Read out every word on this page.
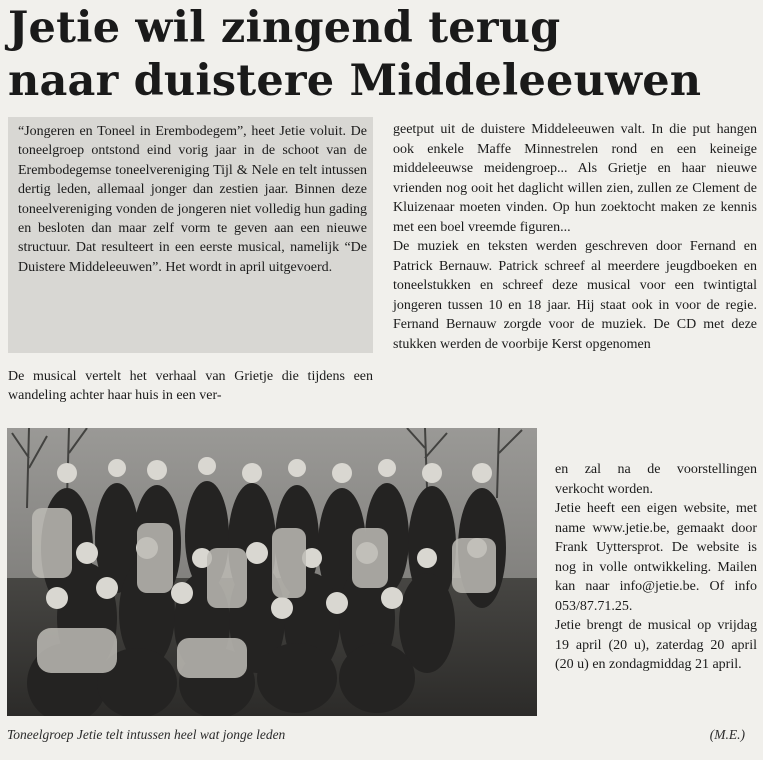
Jetie wil zingend terug
naar duistere Middeleeuwen

“Jongeren en Toneel in Erembodegem”, heet Jetie voluit. De toneelgroep ontstond eind vorig jaar in de schoot van de Erembodegemse toneelvereniging Tijl & Nele en telt intussen dertig leden, allemaal jonger dan zestien jaar. Binnen deze toneelvereniging vonden de jongeren niet volledig hun gading en besloten dan maar zelf vorm te geven aan een nieuwe structuur. Dat resulteert in een eerste musical, namelijk “De Duistere Middeleeuwen”. Het wordt in april uitgevoerd.

De musical vertelt het verhaal van Grietje die tijdens een wandeling achter haar huis in een ver-

geetput uit de duistere Middeleeuwen valt. In die put hangen ook enkele Maffe Minnestrelen rond en een keineige middeleeuwse meidengroep... Als Grietje en haar nieuwe vrienden nog ooit het daglicht willen zien, zullen ze Clement de Kluizenaar moeten vinden. Op hun zoektocht maken ze kennis met een boel vreemde figuren...

De muziek en teksten werden geschreven door Fernand en Patrick Bernauw. Patrick schreef al meerdere jeugdboeken en toneelstukken en schreef deze musical voor een twintigtal jongeren tussen 10 en 18 jaar. Hij staat ook in voor de regie. Fernand Bernauw zorgde voor de muziek. De CD met deze stukken werden de voorbije Kerst opgenomen

en zal na de voorstellingen verkocht worden.

Jetie heeft een eigen website, met name www.jetie.be, gemaakt door Frank Uyttersprot. De website is nog in volle ontwikkeling. Mailen kan naar info@jetie.be. Of info 053/87.71.25.

Jetie brengt de musical op vrijdag 19 april (20 u), zaterdag 20 april (20 u) en zondagmiddag 21 april.

Toneelgroep Jetie telt intussen heel wat jonge leden	(M.E.)
